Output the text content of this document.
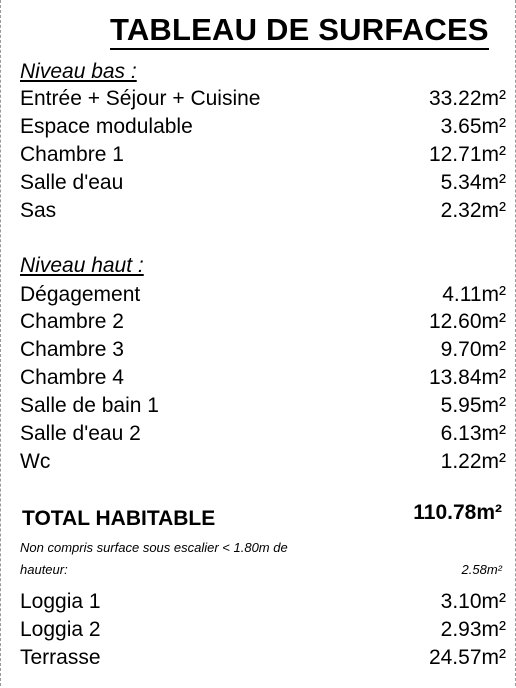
TABLEAU DE SURFACES
Niveau bas :
Entrée + Séjour + Cuisine	33.22m²
Espace modulable	3.65m²
Chambre 1	12.71m²
Salle d'eau	5.34m²
Sas	2.32m²
Niveau haut :
Dégagement	4.11m²
Chambre 2	12.60m²
Chambre 3	9.70m²
Chambre 4	13.84m²
Salle de bain 1	5.95m²
Salle d'eau 2	6.13m²
Wc	1.22m²
TOTAL HABITABLE	110.78m²
Non compris surface sous escalier < 1.80m de
hauteur:	2.58m²
Loggia 1	3.10m²
Loggia 2	2.93m²
Terrasse	24.57m²
